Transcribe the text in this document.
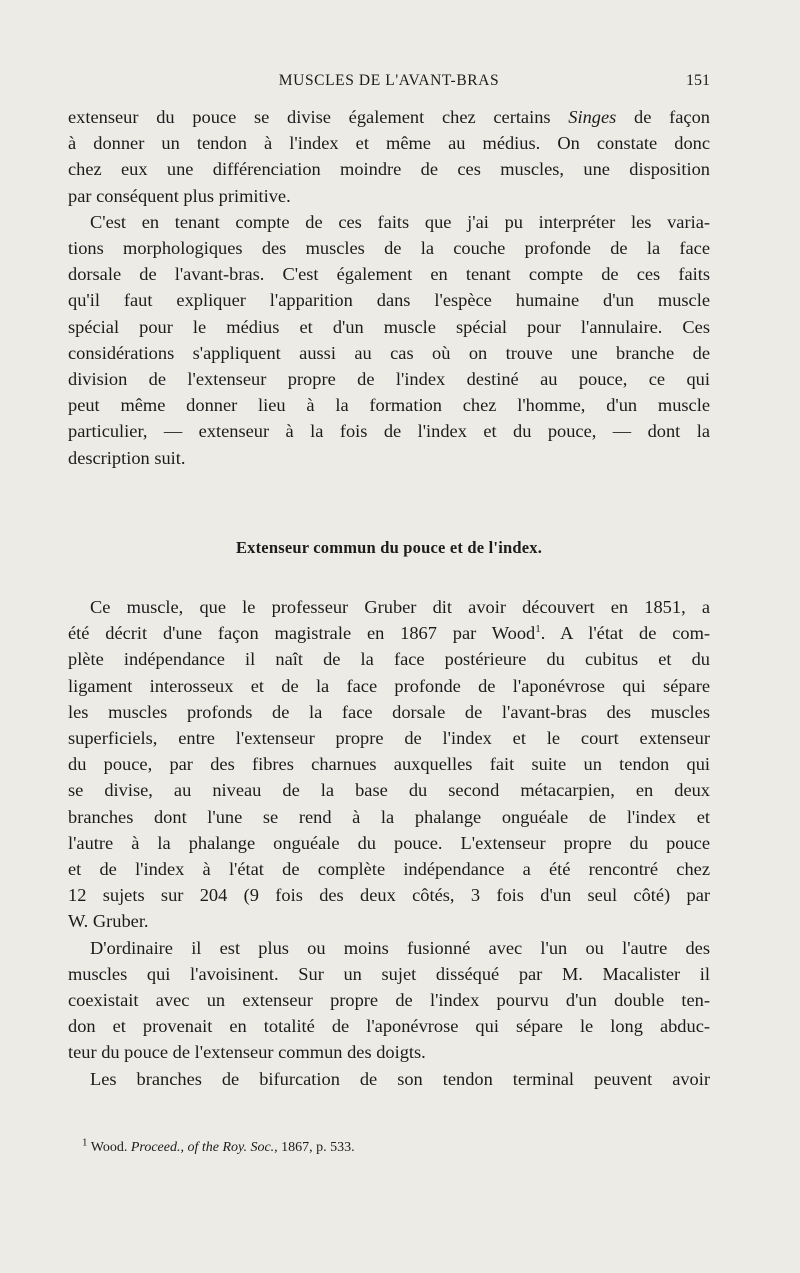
MUSCLES DE L'AVANT-BRAS	151
extenseur du pouce se divise également chez certains Singes de façon
à donner un tendon à l'index et même au médius. On constate donc
chez eux une différenciation moindre de ces muscles, une disposition
par conséquent plus primitive.
C'est en tenant compte de ces faits que j'ai pu interpréter les varia-
tions morphologiques des muscles de la couche profonde de la face
dorsale de l'avant-bras. C'est également en tenant compte de ces faits
qu'il faut expliquer l'apparition dans l'espèce humaine d'un muscle
spécial pour le médius et d'un muscle spécial pour l'annulaire. Ces
considérations s'appliquent aussi au cas où on trouve une branche de
division de l'extenseur propre de l'index destiné au pouce, ce qui
peut même donner lieu à la formation chez l'homme, d'un muscle
particulier, — extenseur à la fois de l'index et du pouce, — dont la
description suit.
Extenseur commun du pouce et de l'index.
Ce muscle, que le professeur Gruber dit avoir découvert en 1851, a
été décrit d'une façon magistrale en 1867 par Wood$^1$. A l'état de com-
plète indépendance il naît de la face postérieure du cubitus et du
ligament interosseux et de la face profonde de l'aponévrose qui sépare
les muscles profonds de la face dorsale de l'avant-bras des muscles
superficiels, entre l'extenseur propre de l'index et le court extenseur
du pouce, par des fibres charnues auxquelles fait suite un tendon qui
se divise, au niveau de la base du second métacarpien, en deux
branches dont l'une se rend à la phalange onguéale de l'index et
l'autre à la phalange onguéale du pouce. L'extenseur propre du pouce
et de l'index à l'état de complète indépendance a été rencontré chez
12 sujets sur 204 (9 fois des deux côtés, 3 fois d'un seul côté) par
W. Gruber.
D'ordinaire il est plus ou moins fusionné avec l'un ou l'autre des
muscles qui l'avoisinent. Sur un sujet disséqué par M. Macalister il
coexistait avec un extenseur propre de l'index pourvu d'un double ten-
don et provenait en totalité de l'aponévrose qui sépare le long abduc-
teur du pouce de l'extenseur commun des doigts.
Les branches de bifurcation de son tendon terminal peuvent avoir
$^1$ Wood. Proceed., of the Roy. Soc., 1867, p. 533.
